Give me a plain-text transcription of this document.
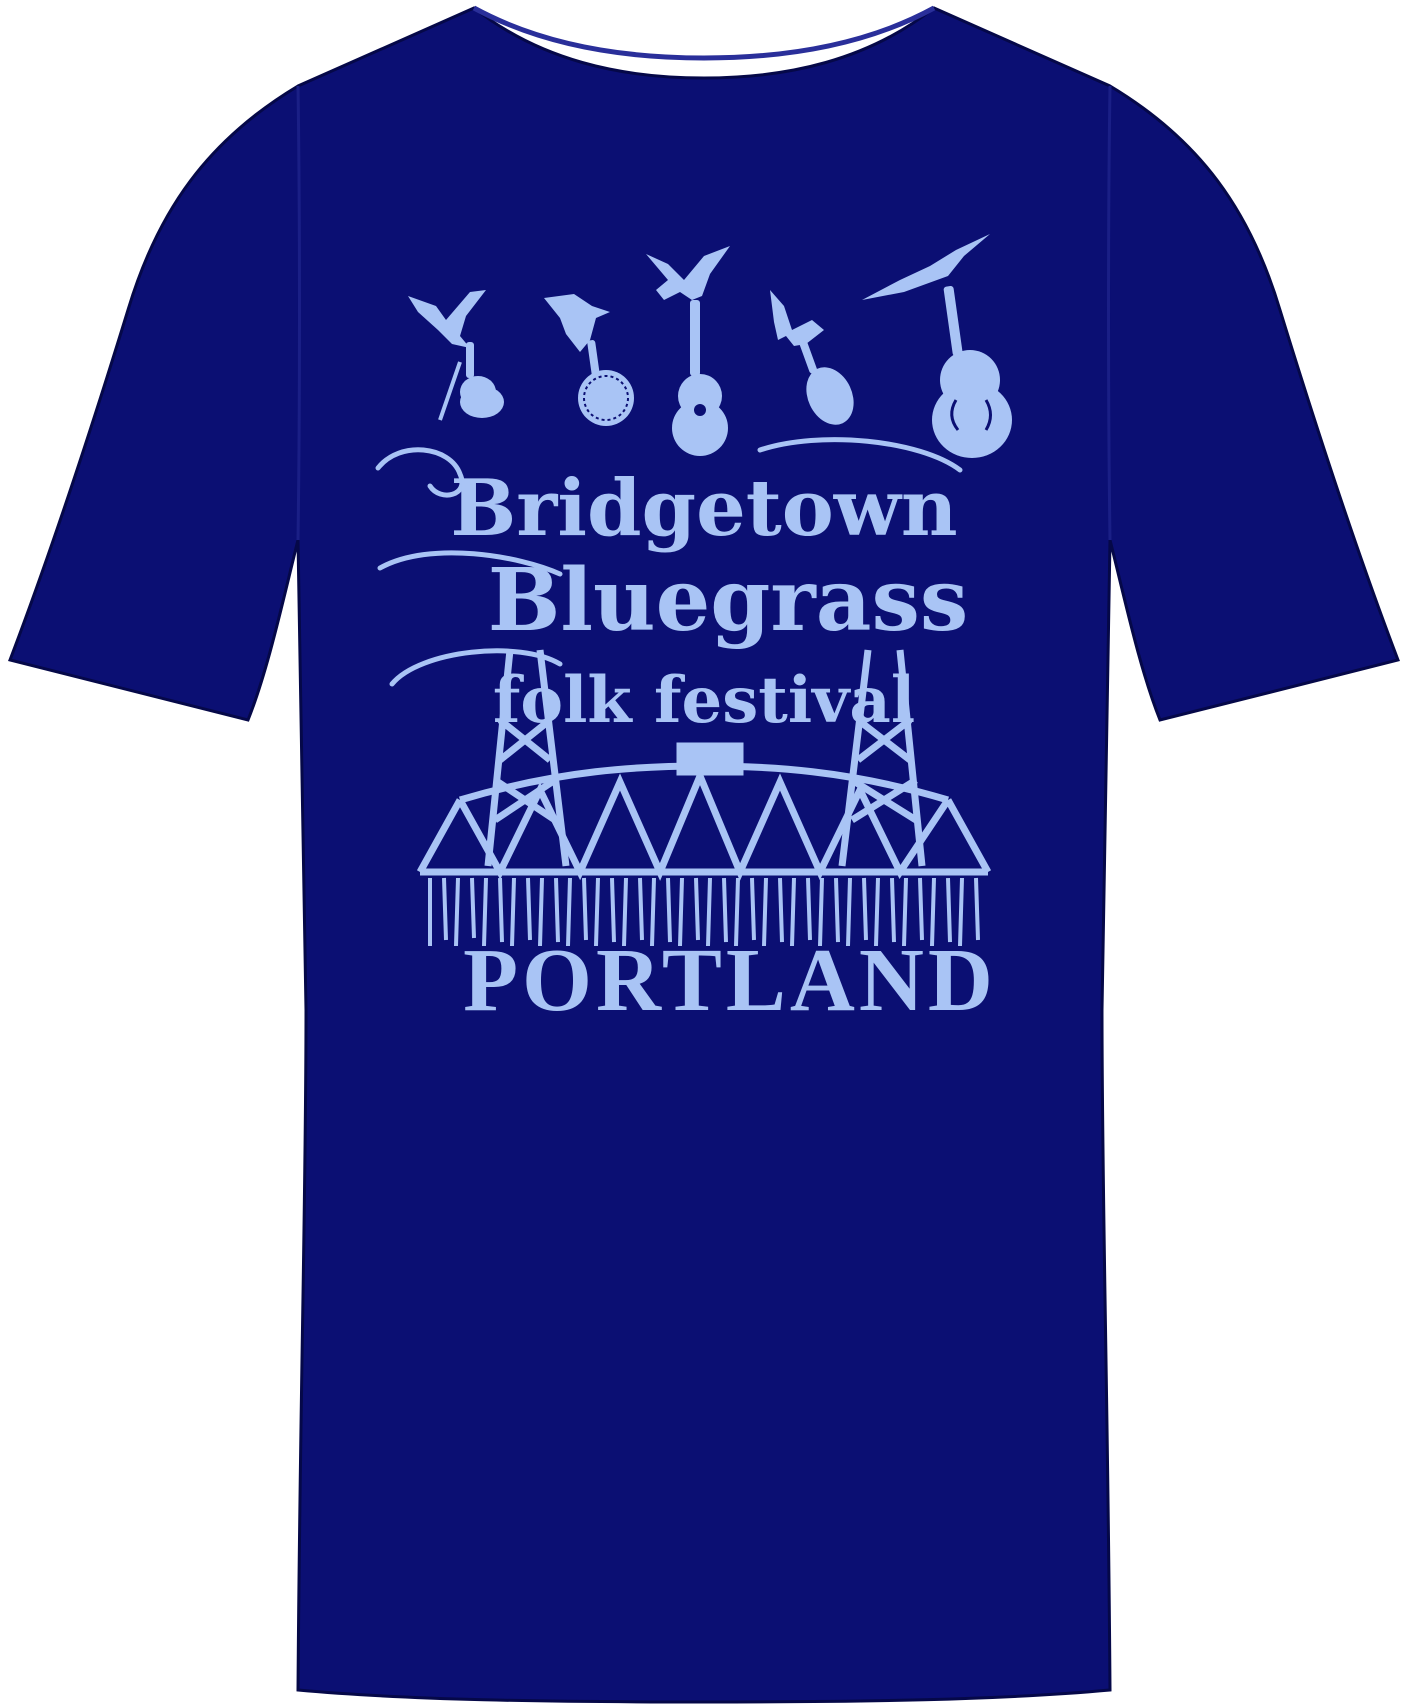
Bridgetown
Bluegrass
folk festival
PORTLAND
